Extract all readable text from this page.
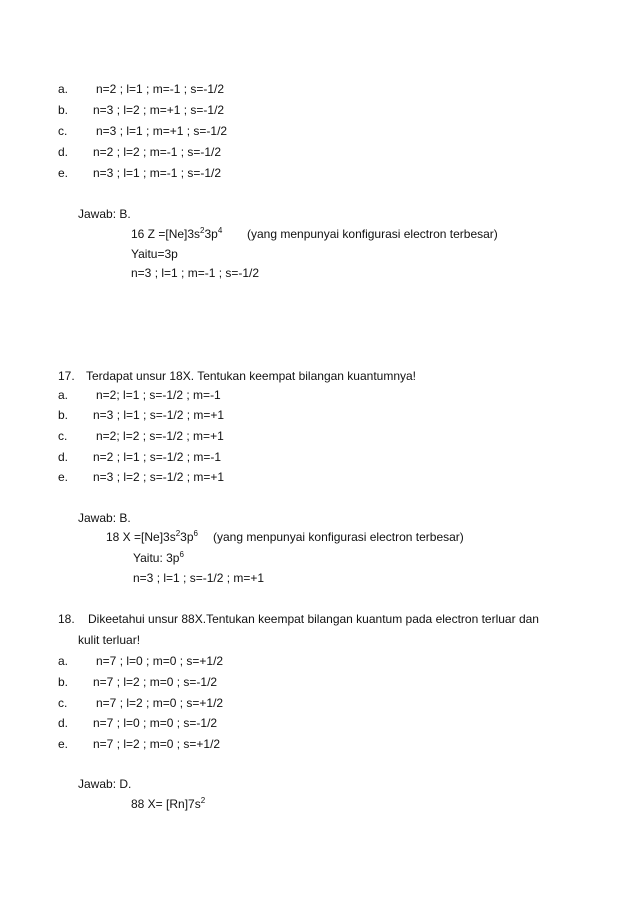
a. n=2 ; l=1 ; m=-1 ; s=-1/2
b. n=3 ; l=2 ; m=+1 ; s=-1/2
c. n=3 ; l=1 ; m=+1 ; s=-1/2
d. n=2 ; l=2 ; m=-1 ; s=-1/2
e. n=3 ; l=1 ; m=-1 ; s=-1/2
Jawab: B.
16 $Z =[Ne]3s^23p^4$ (yang menpunyai konfigurasi electron terbesar)
Yaitu=3p
n=3 ; l=1 ; m=-1 ; s=-1/2
17. Terdapat unsur 18X. Tentukan keempat bilangan kuantumnya!
a. n=2; l=1 ; s=-1/2 ; m=-1
b. n=3 ; l=1 ; s=-1/2 ; m=+1
c. n=2; l=2 ; s=-1/2 ; m=+1
d. n=2 ; l=1 ; s=-1/2 ; m=-1
e. n=3 ; l=2 ; s=-1/2 ; m=+1
Jawab: B.
18 $X =[Ne]3s^23p^6$ (yang menpunyai konfigurasi electron terbesar)
Yaitu: $3p^6$
n=3 ; l=1 ; s=-1/2 ; m=+1
18. Dikeetahui unsur 88X.Tentukan keempat bilangan kuantum pada electron terluar dan
kulit terluar!
a. n=7 ; l=0 ; m=0 ; s=+1/2
b. n=7 ; l=2 ; m=0 ; s=-1/2
c. n=7 ; l=2 ; m=0 ; s=+1/2
d. n=7 ; l=0 ; m=0 ; s=-1/2
e. n=7 ; l=2 ; m=0 ; s=+1/2
Jawab: D.
88 $X= [Rn]7s^2$
